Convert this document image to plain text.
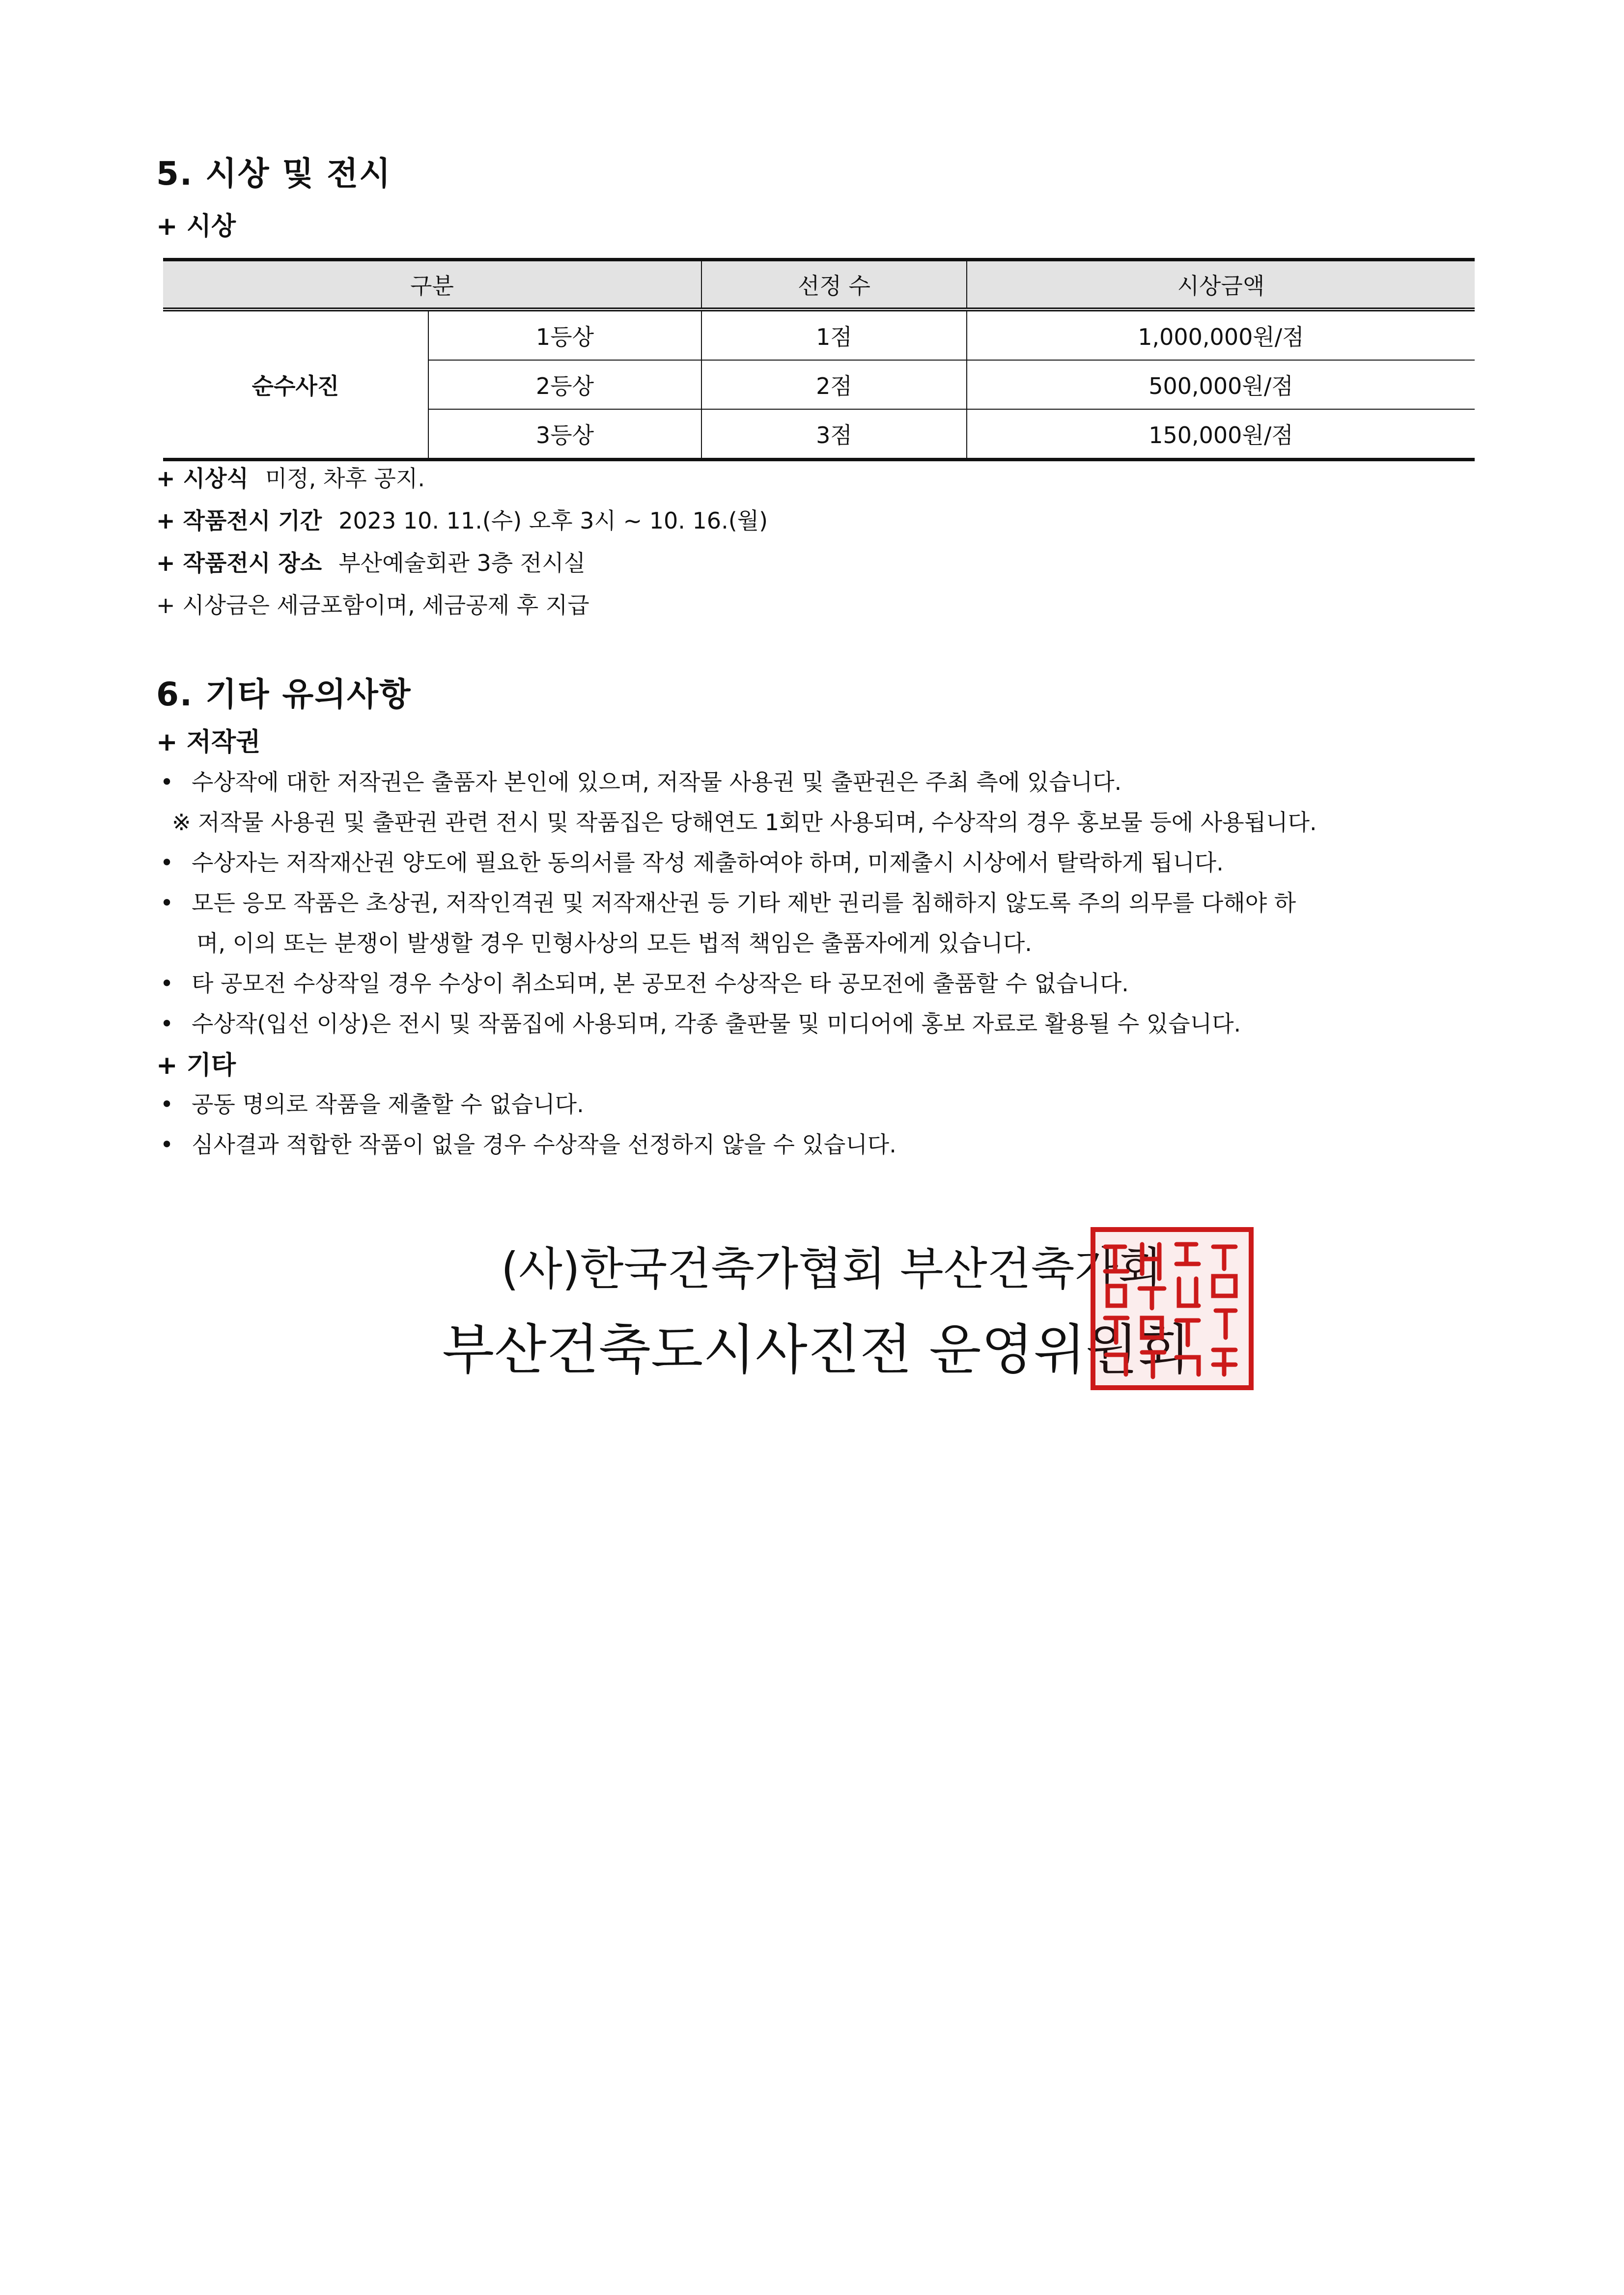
5. 시상 및 전시
+ 시상
구분		선정 수	시상금액
순수사진	1등상	1점	1,000,000원/점
	2등상	2점	500,000원/점
	3등상	3점	150,000원/점
+ 시상식 미정, 차후 공지.
+ 작품전시 기간 2023 10. 11.(수) 오후 3시 ~ 10. 16.(월)
+ 작품전시 장소 부산예술회관 3층 전시실
+ 시상금은 세금포함이며, 세금공제 후 지급
6. 기타 유의사항
+ 저작권
• 수상작에 대한 저작권은 출품자 본인에 있으며, 저작물 사용권 및 출판권은 주최 측에 있습니다.
※ 저작물 사용권 및 출판권 관련 전시 및 작품집은 당해연도 1회만 사용되며, 수상작의 경우 홍보물 등에 사용됩니다.
• 수상자는 저작재산권 양도에 필요한 동의서를 작성 제출하여야 하며, 미제출시 시상에서 탈락하게 됩니다.
• 모든 응모 작품은 초상권, 저작인격권 및 저작재산권 등 기타 제반 권리를 침해하지 않도록 주의 의무를 다해야 하
며, 이의 또는 분쟁이 발생할 경우 민형사상의 모든 법적 책임은 출품자에게 있습니다.
• 타 공모전 수상작일 경우 수상이 취소되며, 본 공모전 수상작은 타 공모전에 출품할 수 없습니다.
• 수상작(입선 이상)은 전시 및 작품집에 사용되며, 각종 출판물 및 미디어에 홍보 자료로 활용될 수 있습니다.
+ 기타
• 공동 명의로 작품을 제출할 수 없습니다.
• 심사결과 적합한 작품이 없을 경우 수상작을 선정하지 않을 수 있습니다.
(사)한국건축가협회 부산건축가회
부산건축도시사진전 운영위원회
